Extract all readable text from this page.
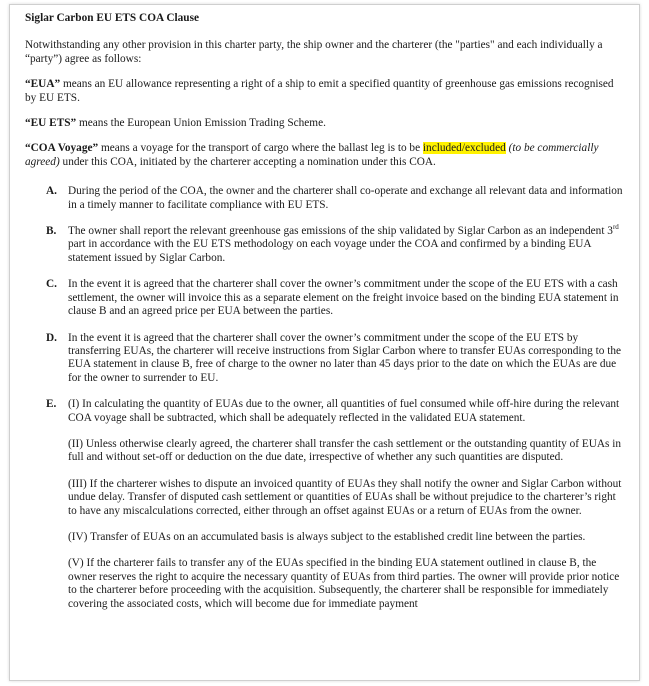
Siglar Carbon EU ETS COA Clause

Notwithstanding any other provision in this charter party, the ship owner and the charterer (the "parties" and each individually a “party”) agree as follows:

“EUA” means an EU allowance representing a right of a ship to emit a specified quantity of greenhouse gas emissions recognised by EU ETS.

“EU ETS” means the European Union Emission Trading Scheme.

“COA Voyage” means a voyage for the transport of cargo where the ballast leg is to be included/excluded (to be commercially agreed) under this COA, initiated by the charterer accepting a nomination under this COA.

A. During the period of the COA, the owner and the charterer shall co-operate and exchange all relevant data and information in a timely manner to facilitate compliance with EU ETS.
B.	The owner shall report the relevant greenhouse gas emissions of the ship validated by Siglar Carbon as an independent 3rd part in accordance with the EU ETS methodology on each voyage under the COA and confirmed by a binding EUA statement issued by Siglar Carbon.
C. In the event it is agreed that the charterer shall cover the owner’s commitment under the scope of the EU ETS with a cash settlement, the owner will invoice this as a separate element on the freight invoice based on the binding EUA statement in clause B and an agreed price per EUA between the parties.
D. In the event it is agreed that the charterer shall cover the owner’s commitment under the scope of the EU ETS by transferring EUAs, the charterer will receive instructions from Siglar Carbon where to transfer EUAs corresponding to the EUA statement in clause B, free of charge to the owner no later than 45 days prior to the date on which the EUAs are due for the owner to surrender to EU.
E.	(I) In calculating the quantity of EUAs due to the owner, all quantities of fuel consumed while off-hire during the relevant COA voyage shall be subtracted, which shall be adequately reflected in the validated EUA statement.

(II) Unless otherwise clearly agreed, the charterer shall transfer the cash settlement or the outstanding quantity of EUAs in full and without set-off or deduction on the due date, irrespective of whether any such quantities are disputed.

(III) If the charterer wishes to dispute an invoiced quantity of EUAs they shall notify the owner and Siglar Carbon without undue delay. Transfer of disputed cash settlement or quantities of EUAs shall be without prejudice to the charterer’s right to have any miscalculations corrected, either through an offset against EUAs or a return of EUAs from the owner.

(IV) Transfer of EUAs on an accumulated basis is always subject to the established credit line between the parties.

(V) If the charterer fails to transfer any of the EUAs specified in the binding EUA statement outlined in clause B, the owner reserves the right to acquire the necessary quantity of EUAs from third parties. The owner will provide prior notice to the charterer before proceeding with the acquisition. Subsequently, the charterer shall be responsible for immediately covering the associated costs, which will become due for immediate payment
